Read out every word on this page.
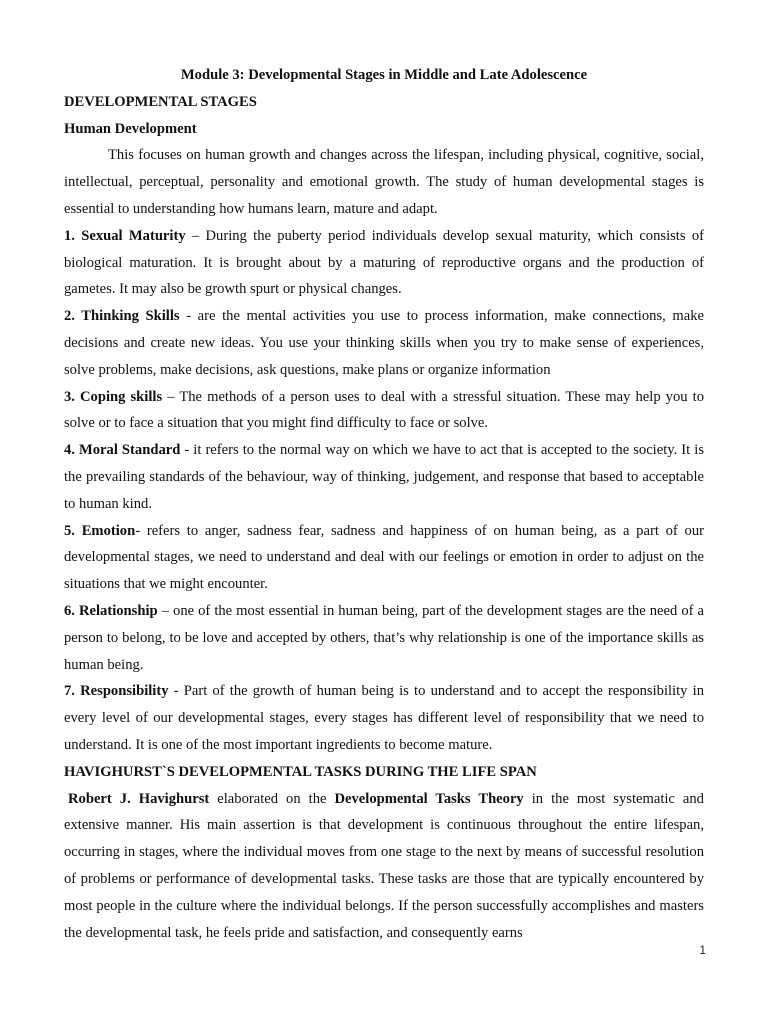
Module 3: Developmental Stages in Middle and Late Adolescence

DEVELOPMENTAL STAGES

Human Development

This focuses on human growth and changes across the lifespan, including physical, cognitive, social, intellectual, perceptual, personality and emotional growth. The study of human developmental stages is essential to understanding how humans learn, mature and adapt.

1. Sexual Maturity – During the puberty period individuals develop sexual maturity, which consists of biological maturation. It is brought about by a maturing of reproductive organs and the production of gametes. It may also be growth spurt or physical changes.

2. Thinking Skills - are the mental activities you use to process information, make connections, make decisions and create new ideas. You use your thinking skills when you try to make sense of experiences, solve problems, make decisions, ask questions, make plans or organize information

3. Coping skills – The methods of a person uses to deal with a stressful situation. These may help you to solve or to face a situation that you might find difficulty to face or solve.

4. Moral Standard - it refers to the normal way on which we have to act that is accepted to the society. It is the prevailing standards of the behaviour, way of thinking, judgement, and response that based to acceptable to human kind.

5. Emotion- refers to anger, sadness fear, sadness and happiness of on human being, as a part of our developmental stages, we need to understand and deal with our feelings or emotion in order to adjust on the situations that we might encounter.

6. Relationship – one of the most essential in human being, part of the development stages are the need of a person to belong, to be love and accepted by others, that’s why relationship is one of the importance skills as human being.

7. Responsibility - Part of the growth of human being is to understand and to accept the responsibility in every level of our developmental stages, every stages has different level of responsibility that we need to understand. It is one of the most important ingredients to become mature.

HAVIGHURST`S DEVELOPMENTAL TASKS DURING THE LIFE SPAN

Robert J. Havighurst elaborated on the Developmental Tasks Theory in the most systematic and extensive manner. His main assertion is that development is continuous throughout the entire lifespan, occurring in stages, where the individual moves from one stage to the next by means of successful resolution of problems or performance of developmental tasks. These tasks are those that are typically encountered by most people in the culture where the individual belongs. If the person successfully accomplishes and masters the developmental task, he feels pride and satisfaction, and consequently earns

1
